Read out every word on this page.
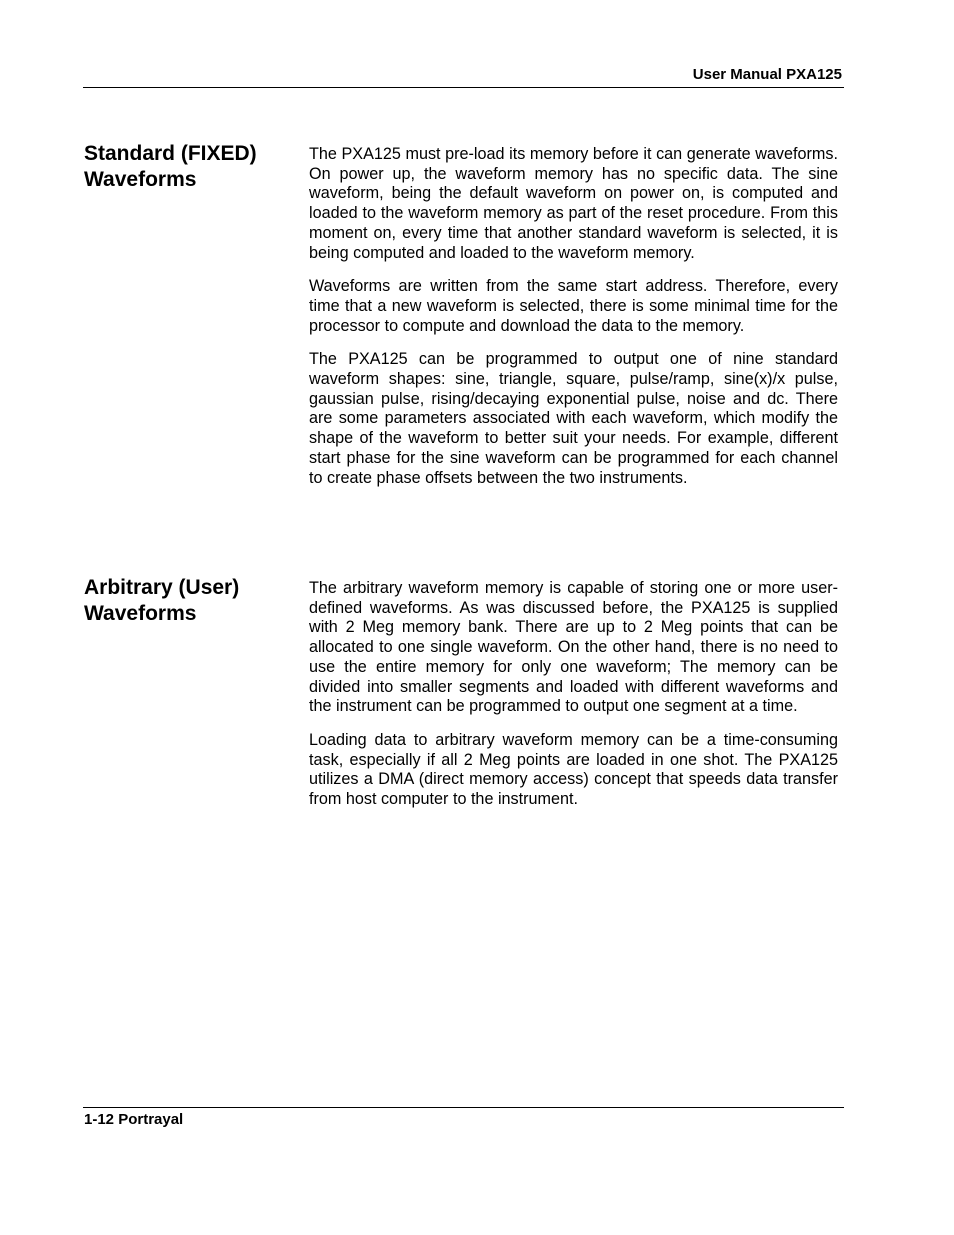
User Manual PXA125
Standard (FIXED)
Waveforms

The PXA125 must pre-load its memory before it can generate waveforms. On power up, the waveform memory has no specific data. The sine waveform, being the default waveform on power on, is computed and loaded to the waveform memory as part of the reset procedure. From this moment on, every time that another standard waveform is selected, it is being computed and loaded to the waveform memory.

Waveforms are written from the same start address. Therefore, every time that a new waveform is selected, there is some minimal time for the processor to compute and download the data to the memory.

The PXA125 can be programmed to output one of nine standard waveform shapes: sine, triangle, square, pulse/ramp, sine(x)/x pulse, gaussian pulse, rising/decaying exponential pulse, noise and dc. There are some parameters associated with each waveform, which modify the shape of the waveform to better suit your needs. For example, different start phase for the sine waveform can be programmed for each channel to create phase offsets between the two instruments.

Arbitrary (User)
Waveforms

The arbitrary waveform memory is capable of storing one or more user-defined waveforms. As was discussed before, the PXA125 is supplied with 2 Meg memory bank. There are up to 2 Meg points that can be allocated to one single waveform. On the other hand, there is no need to use the entire memory for only one waveform; The memory can be divided into smaller segments and loaded with different waveforms and the instrument can be programmed to output one segment at a time.

Loading data to arbitrary waveform memory can be a time-consuming task, especially if all 2 Meg points are loaded in one shot. The PXA125 utilizes a DMA (direct memory access) concept that speeds data transfer from host computer to the instrument.

1-12 Portrayal
